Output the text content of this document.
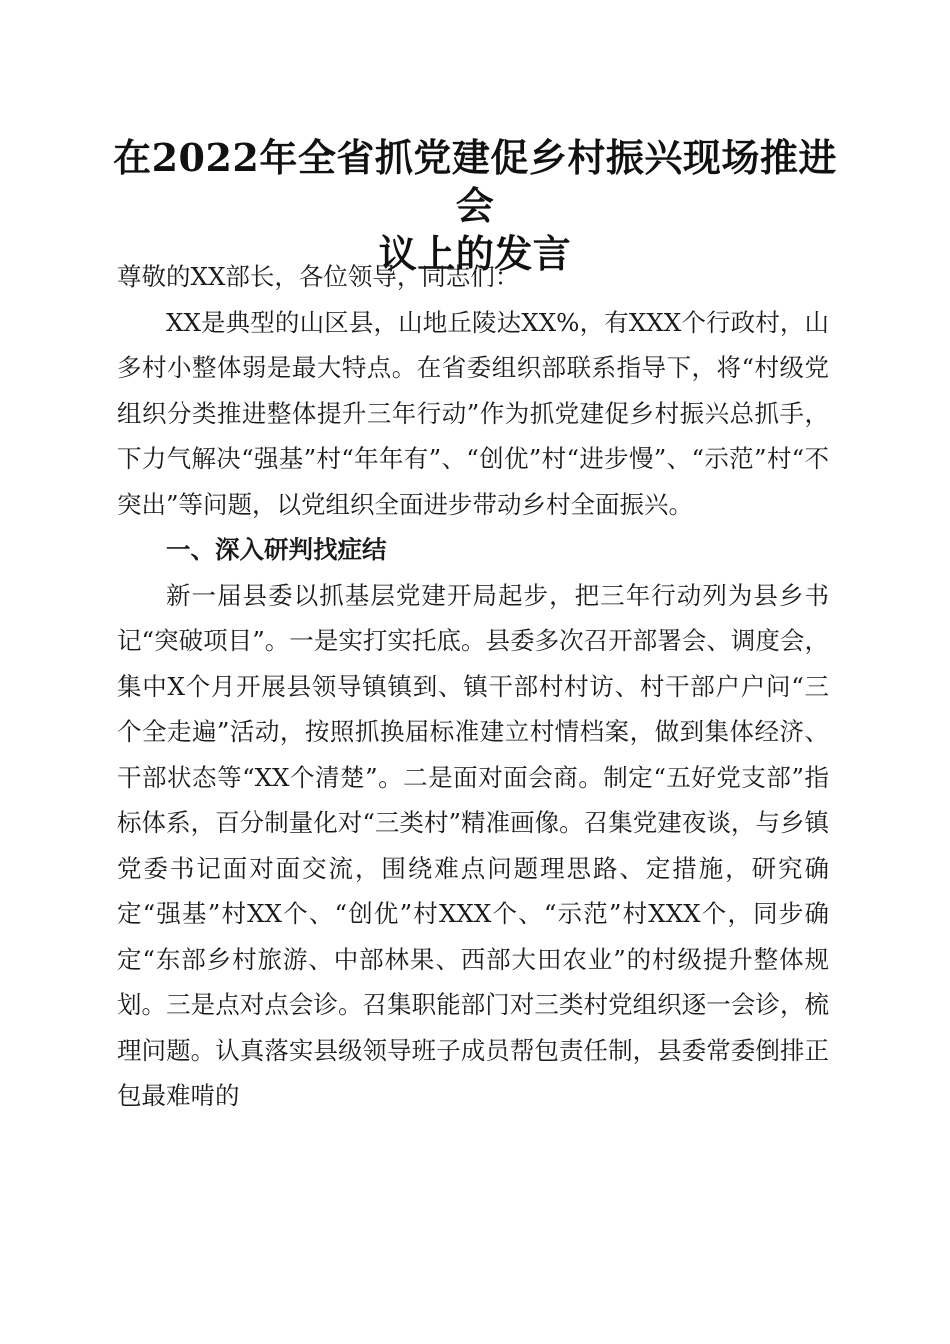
在2022年全省抓党建促乡村振兴现场推进会
议上的发言

尊敬的XX部长，各位领导，同志们：

XX是典型的山区县，山地丘陵达XX%，有XXX个行政村，山多村小整体弱是最大特点。在省委组织部联系指导下，将“村级党组织分类推进整体提升三年行动”作为抓党建促乡村振兴总抓手，下力气解决“强基”村“年年有”、“创优”村“进步慢”、“示范”村“不突出”等问题，以党组织全面进步带动乡村全面振兴。

一、深入研判找症结

新一届县委以抓基层党建开局起步，把三年行动列为县乡书记“突破项目”。一是实打实托底。县委多次召开部署会、调度会，集中X个月开展县领导镇镇到、镇干部村村访、村干部户户问“三个全走遍”活动，按照抓换届标准建立村情档案，做到集体经济、干部状态等“XX个清楚”。二是面对面会商。制定“五好党支部”指标体系，百分制量化对“三类村”精准画像。召集党建夜谈，与乡镇党委书记面对面交流，围绕难点问题理思路、定措施，研究确定“强基”村XX个、“创优”村XXX个、“示范”村XXX个，同步确定“东部乡村旅游、中部林果、西部大田农业”的村级提升整体规划。三是点对点会诊。召集职能部门对三类村党组织逐一会诊，梳理问题。认真落实县级领导班子成员帮包责任制，县委常委倒排正包最难啃的
